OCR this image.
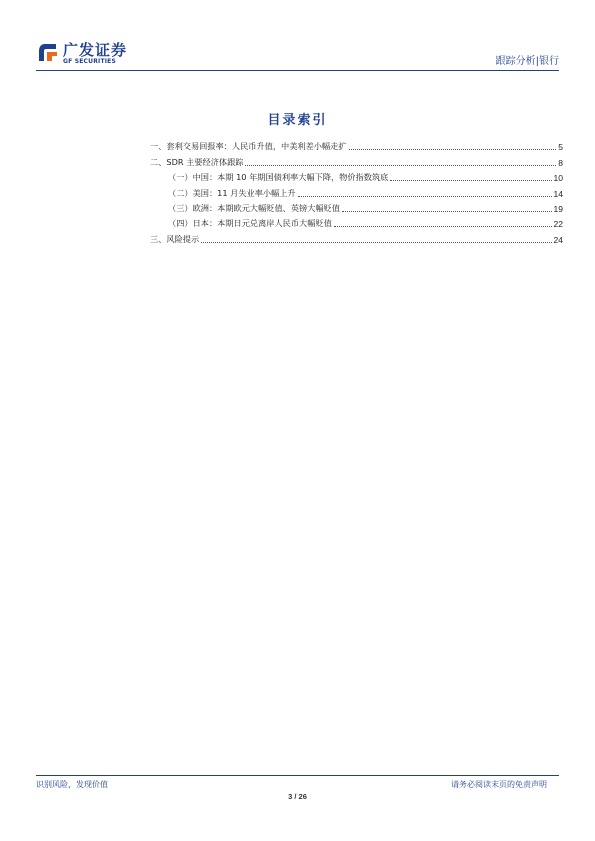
广发证券
GF SECURITIES	跟踪分析|银行
目录索引
一、套利交易回报率：人民币升值，中美利差小幅走扩	5
二、SDR 主要经济体跟踪	8
（一）中国：本期 10 年期国债利率大幅下降，物价指数筑底	10
（二）美国：11 月失业率小幅上升	14
（三）欧洲：本期欧元大幅贬值、英镑大幅贬值	19
（四）日本：本期日元兑离岸人民币大幅贬值	22
三、风险提示	24
识别风险，发现价值	请务必阅读末页的免责声明
3 / 26
